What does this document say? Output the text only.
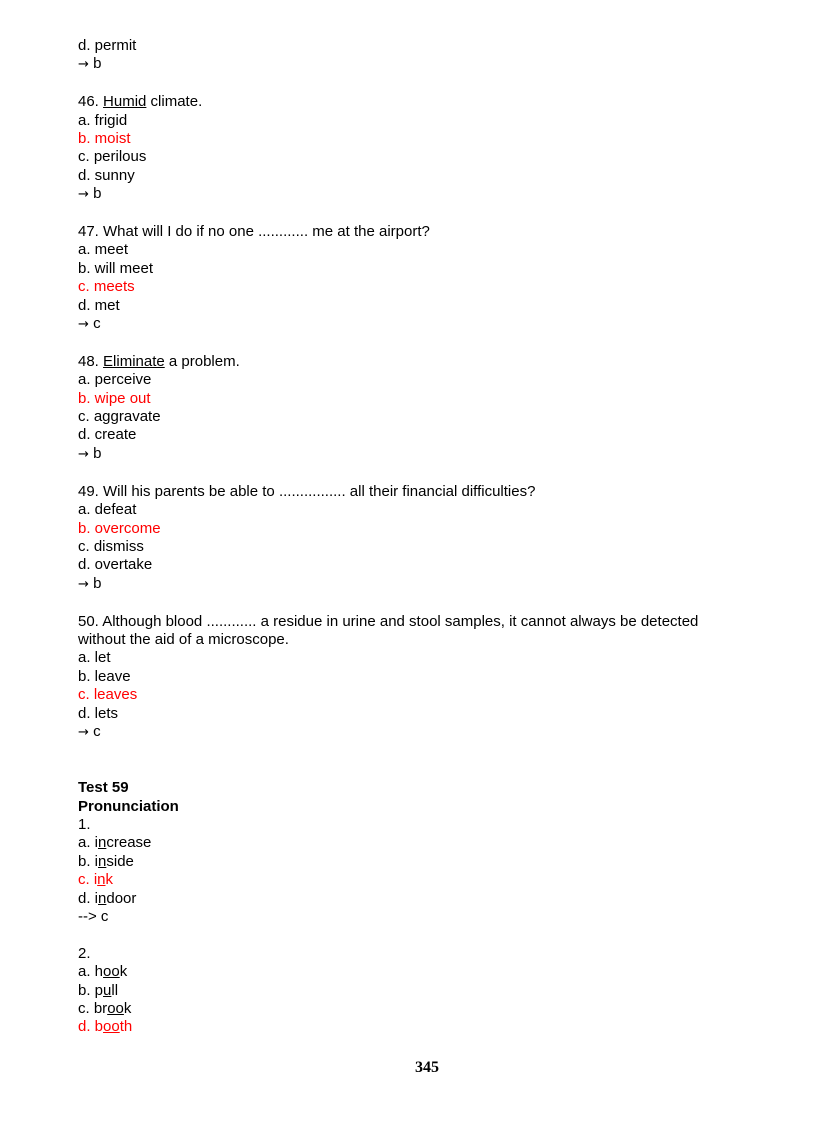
d. permit
→ b
46. Humid climate.
a. frigid
b. moist
c. perilous
d. sunny
→ b
47. What will I do if no one ............ me at the airport?
a. meet
b. will meet
c. meets
d. met
→ c
48. Eliminate a problem.
a. perceive
b. wipe out
c. aggravate
d. create
→ b
49. Will his parents be able to ................ all their financial difficulties?
a. defeat
b. overcome
c. dismiss
d. overtake
→ b
50. Although blood ............ a residue in urine and stool samples, it cannot always be detected
without the aid of a microscope.
a. let
b. leave
c. leaves
d. lets
→ c
Test 59
Pronunciation
1.
a. increase
b. inside
c. ink
d. indoor
--> c
2.
a. hook
b. pull
c. brook
d. booth
345
